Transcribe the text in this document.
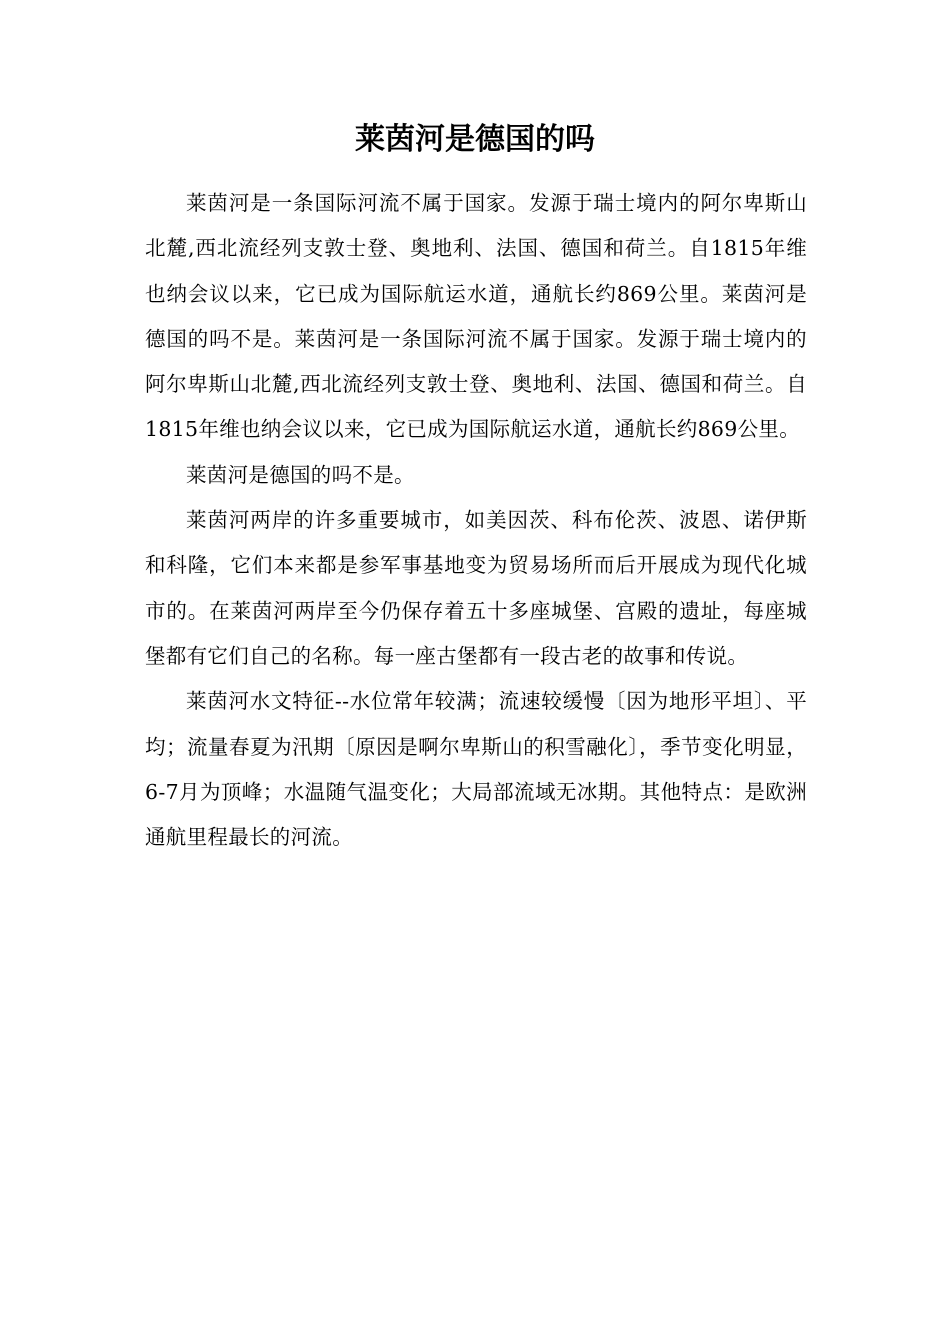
莱茵河是德国的吗

莱茵河是一条国际河流不属于国家。发源于瑞士境内的阿尔卑斯山北麓,西北流经列支敦士登、奥地利、法国、德国和荷兰。自1815年维也纳会议以来，它已成为国际航运水道，通航长约869公里。莱茵河是德国的吗不是。莱茵河是一条国际河流不属于国家。发源于瑞士境内的阿尔卑斯山北麓,西北流经列支敦士登、奥地利、法国、德国和荷兰。自1815年维也纳会议以来，它已成为国际航运水道，通航长约869公里。

莱茵河是德国的吗不是。

莱茵河两岸的许多重要城市，如美因茨、科布伦茨、波恩、诺伊斯和科隆，它们本来都是参军事基地变为贸易场所而后开展成为现代化城市的。在莱茵河两岸至今仍保存着五十多座城堡、宫殿的遗址，每座城堡都有它们自己的名称。每一座古堡都有一段古老的故事和传说。

莱茵河水文特征--水位常年较满；流速较缓慢〔因为地形平坦〕、平均；流量春夏为汛期〔原因是啊尔卑斯山的积雪融化〕，季节变化明显，6-7月为顶峰；水温随气温变化；大局部流域无冰期。其他特点：是欧洲通航里程最长的河流。
